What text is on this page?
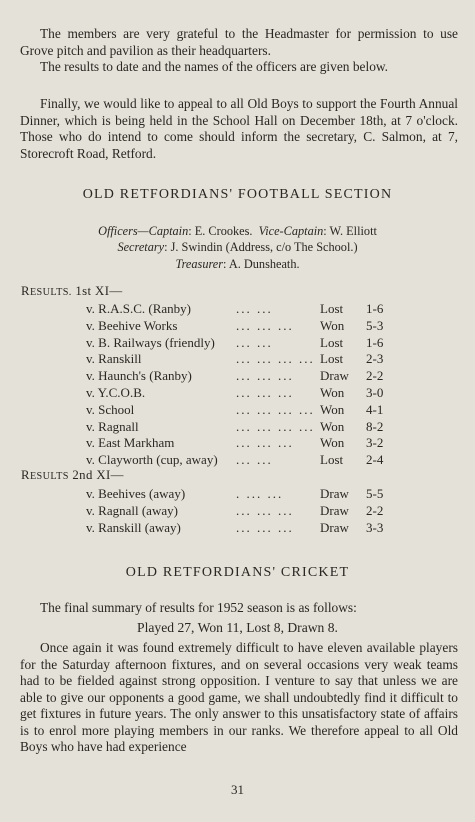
The members are very grateful to the Headmaster for permission to use Grove pitch and pavilion as their headquarters.

The results to date and the names of the officers are given below.

Finally, we would like to appeal to all Old Boys to support the Fourth Annual Dinner, which is being held in the School Hall on December 18th, at 7 o'clock. Those who do intend to come should inform the secretary, C. Salmon, at 7, Storecroft Road, Retford.

OLD RETFORDIANS' FOOTBALL SECTION
Officers—Captain: E. Crookes. Vice-Captain: W. Elliott
Secretary: J. Swindin (Address, c/o The School.)
Treasurer: A. Dunsheath.
RESULTS. 1st XI—
v. R.A.S.C. (Ranby)	... ...	Lost 1-6
v. Beehive Works	... ... ... Won 5-3
v. B. Railways (friendly) ... ...	Lost 1-6
v. Ranskill	... ... ... ... Lost 2-3
v. Haunch's (Ranby)	... ... ... Draw 2-2
v. Y.C.O.B.	... ... ... Won 3-0
v. School	... ... ... ... Won 4-1
v. Ragnall	... ... ... ... Won 8-2
v. East Markham	... ... ... Won 3-2
v. Clayworth (cup, away) ... ...	Lost 2-4
RESULTS 2nd XI—
v. Beehives (away)	. ... ...	Draw 5-5
v. Ragnall (away)	... ... ... Draw 2-2
v. Ranskill (away)	... ... ... Draw 3-3
OLD RETFORDIANS' CRICKET

The final summary of results for 1952 season is as follows:

Played 27, Won 11, Lost 8, Drawn 8.

Once again it was found extremely difficult to have eleven available players for the Saturday afternoon fixtures, and on several occasions very weak teams had to be fielded against strong opposition. I venture to say that unless we are able to give our opponents a good game, we shall undoubtedly find it difficult to get fixtures in future years. The only answer to this unsatisfactory state of affairs is to enrol more playing members in our ranks. We therefore appeal to all Old Boys who have had experience

31
